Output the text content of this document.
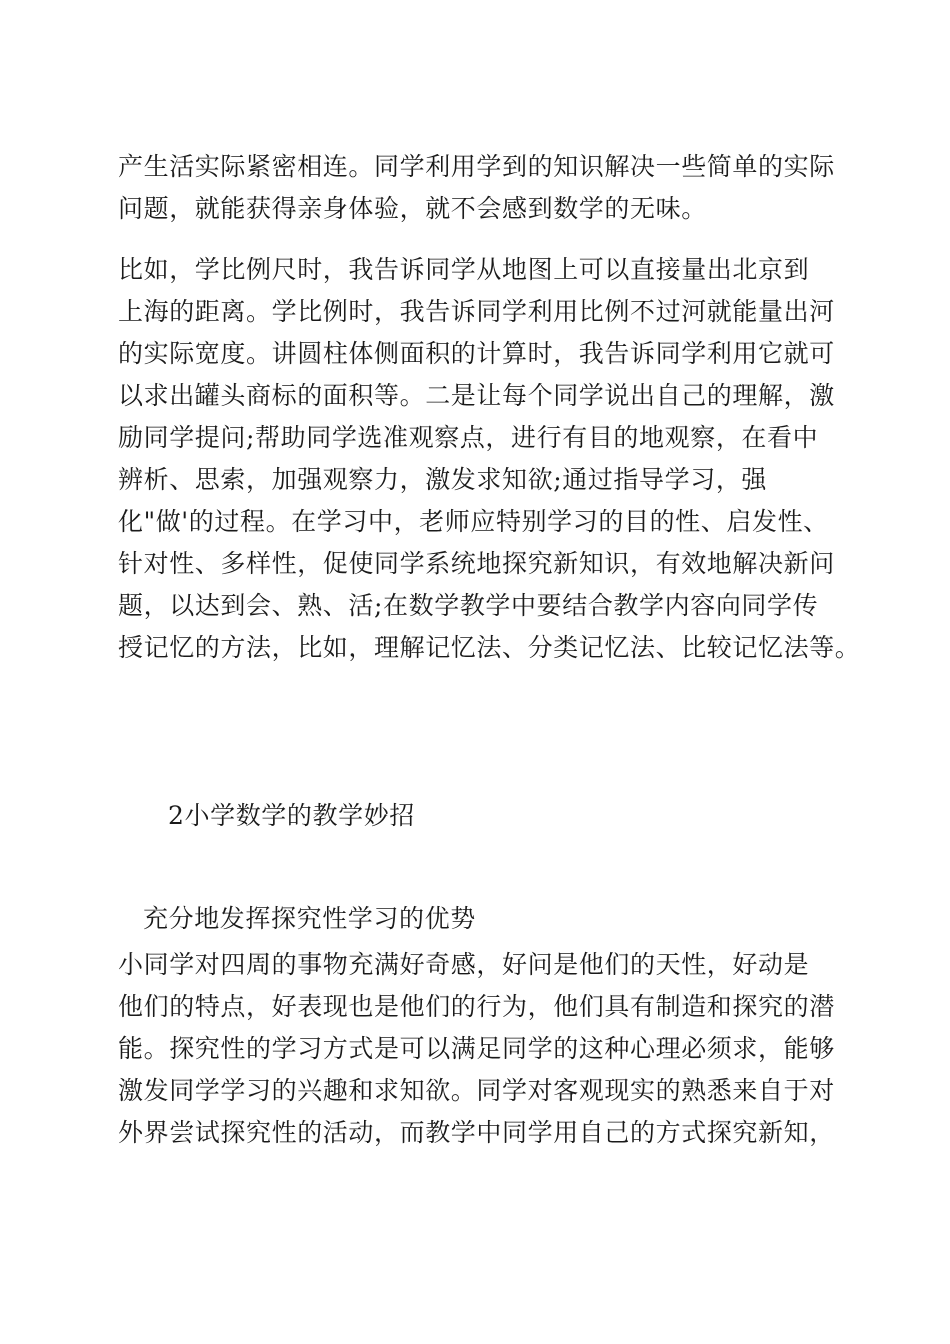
产生活实际紧密相连。同学利用学到的知识解决一些简单的实际
问题，就能获得亲身体验，就不会感到数学的无味。
比如，学比例尺时，我告诉同学从地图上可以直接量出北京到
上海的距离。学比例时，我告诉同学利用比例不过河就能量出河
的实际宽度。讲圆柱体侧面积的计算时，我告诉同学利用它就可
以求出罐头商标的面积等。二是让每个同学说出自己的理解，激
励同学提问;帮助同学选准观察点，进行有目的地观察，在看中
辨析、思索，加强观察力，激发求知欲;通过指导学习，强
化"做'的过程。在学习中，老师应特别学习的目的性、启发性、
针对性、多样性，促使同学系统地探究新知识，有效地解决新问
题，以达到会、熟、活;在数学教学中要结合教学内容向同学传
授记忆的方法，比如，理解记忆法、分类记忆法、比较记忆法等。
2小学数学的教学妙招
充分地发挥探究性学习的优势
小同学对四周的事物充满好奇感，好问是他们的天性，好动是
他们的特点，好表现也是他们的行为，他们具有制造和探究的潜
能。探究性的学习方式是可以满足同学的这种心理必须求，能够
激发同学学习的兴趣和求知欲。同学对客观现实的熟悉来自于对
外界尝试探究性的活动，而教学中同学用自己的方式探究新知，
